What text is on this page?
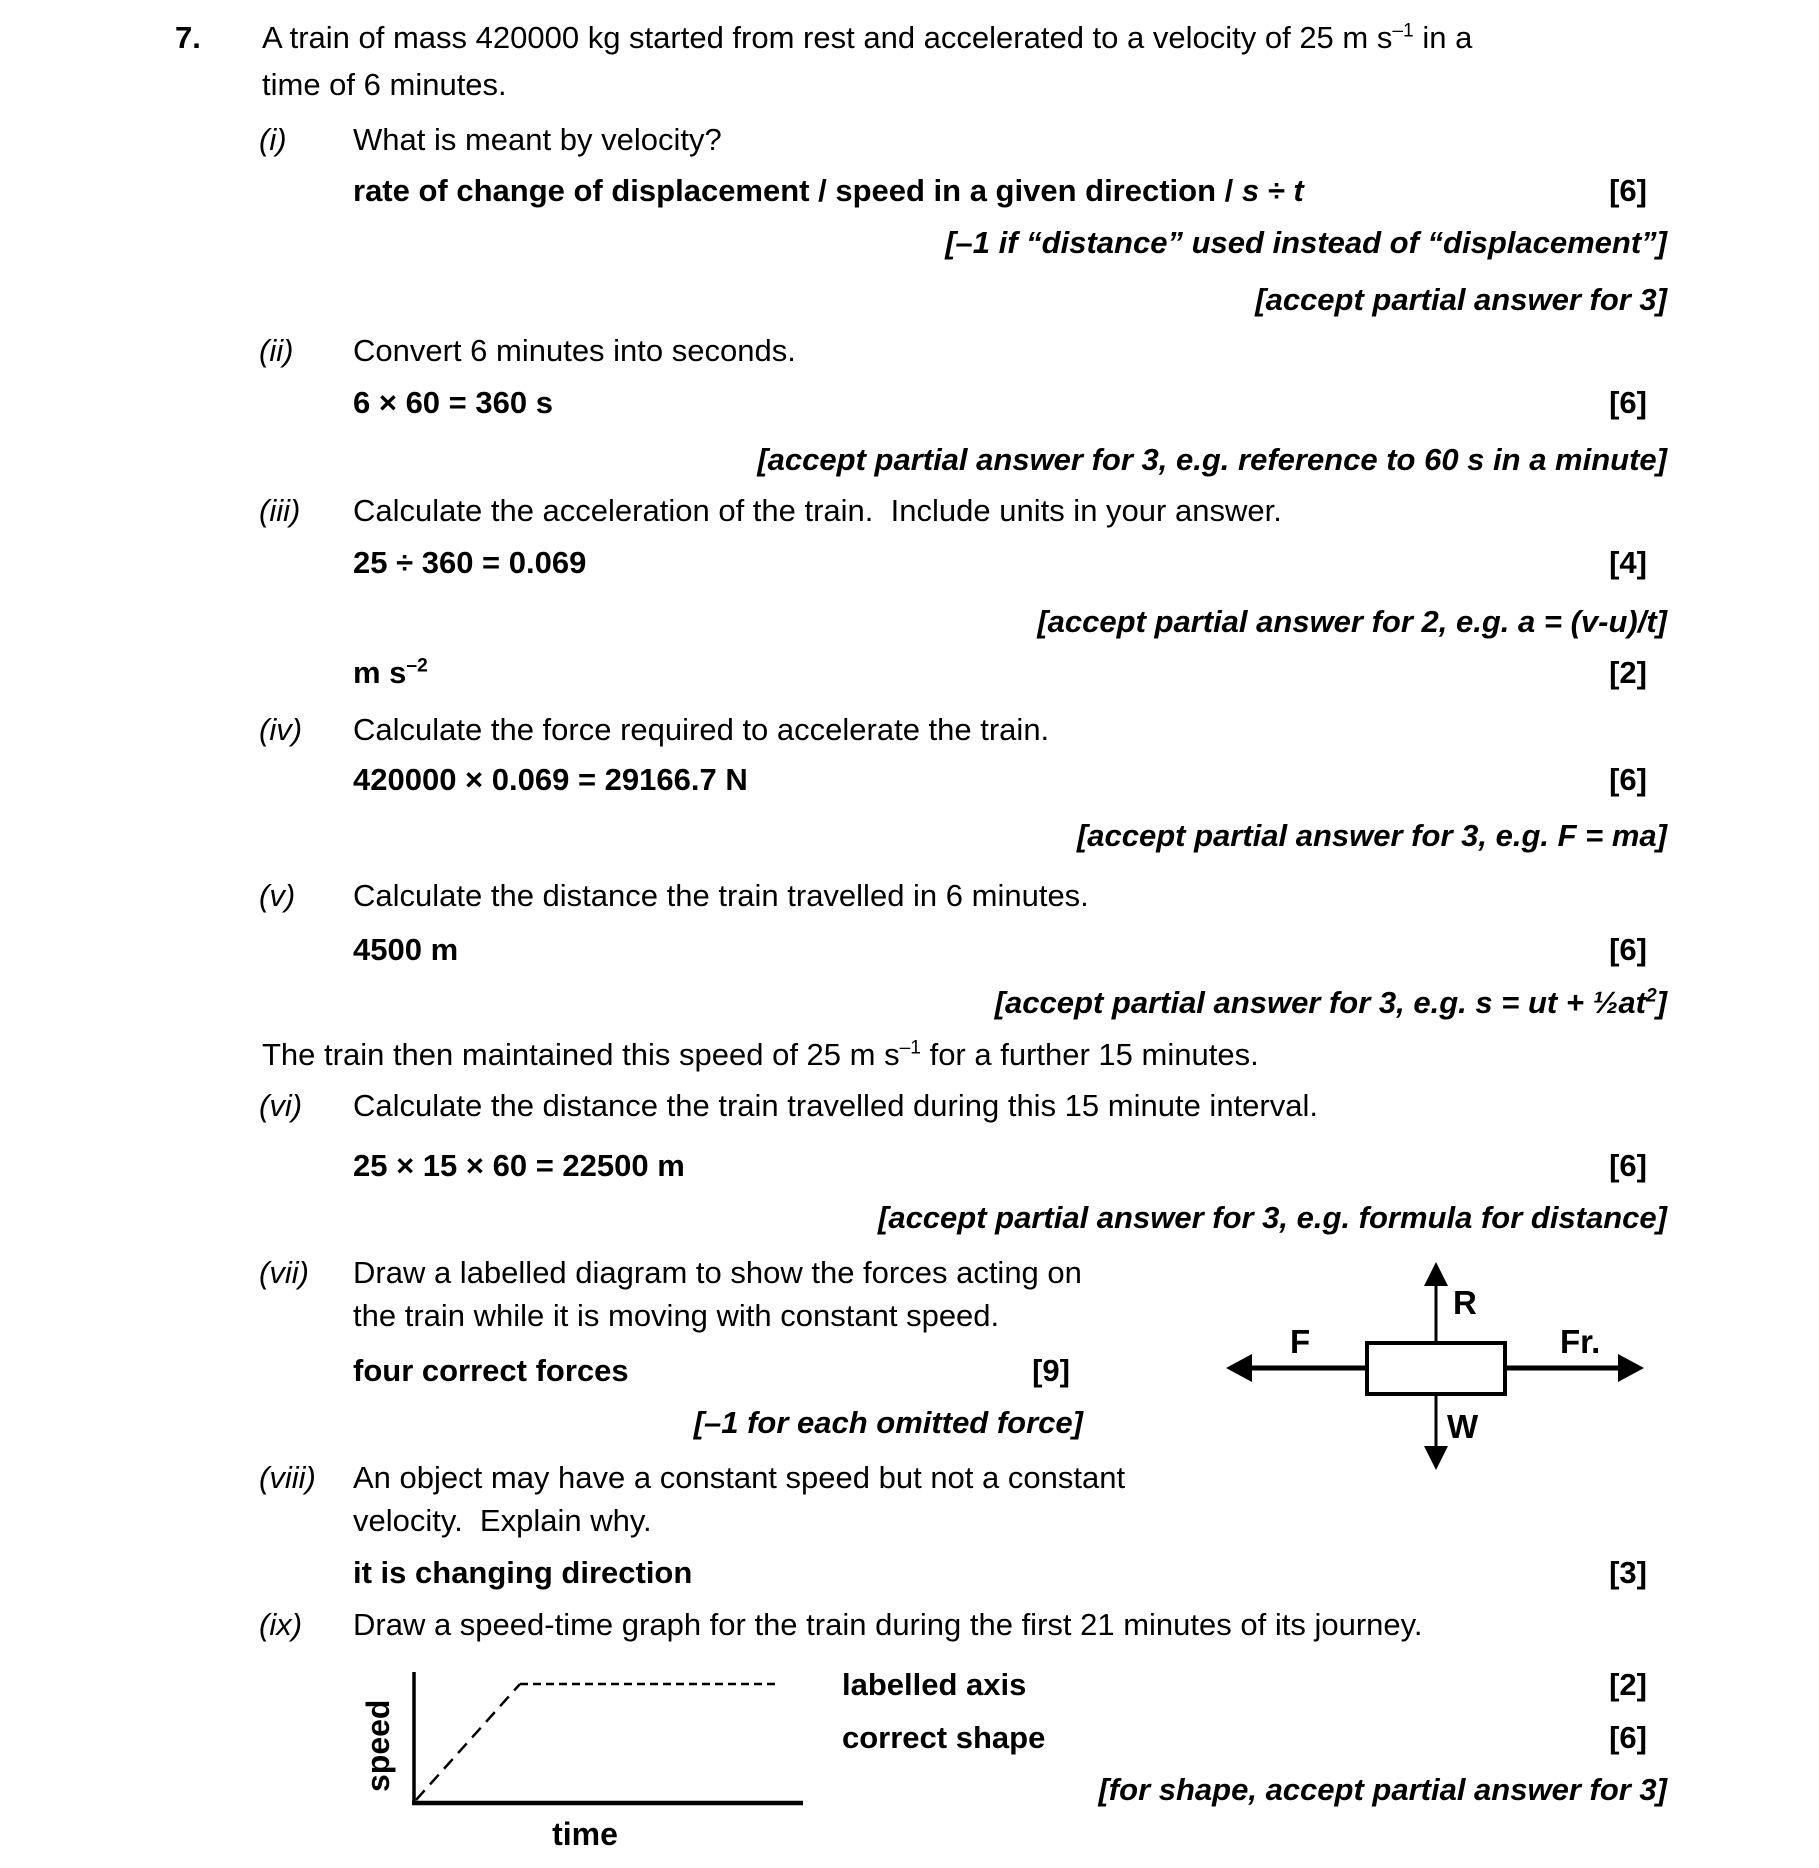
7. A train of mass 420000 kg started from rest and accelerated to a velocity of 25 m $s^{-1}$ in a
time of 6 minutes.
(i) What is meant by velocity?
rate of change of displacement / speed in a given direction / s ÷ t	[6]
[–1 if “distance” used instead of “displacement”]
[accept partial answer for 3]
(ii) Convert 6 minutes into seconds.
6 × 60 = 360 s	[6]
[accept partial answer for 3, e.g. reference to 60 s in a minute]
(iii) Calculate the acceleration of the train.  Include units in your answer.
25 ÷ 360 = 0.069	[4]
[accept partial answer for 2, e.g. a = (v-u)/t]
m $s^{-2}$	[2]
(iv) Calculate the force required to accelerate the train.
420000 × 0.069 = 29166.7 N	[6]
[accept partial answer for 3, e.g. F = ma]
(v) Calculate the distance the train travelled in 6 minutes.
4500 m	[6]
[accept partial answer for 3, e.g. s = ut + $\frac{1}{2}at^2$]
The train then maintained this speed of 25 m $s^{-1}$ for a further 15 minutes.
(vi) Calculate the distance the train travelled during this 15 minute interval.
25 × 15 × 60 = 22500 m	[6]
[accept partial answer for 3, e.g. formula for distance]
(vii) Draw a labelled diagram to show the forces acting on
the train while it is moving with constant speed.
four correct forces	[9]
[–1 for each omitted force]
R
F	Fr.
W
(viii) An object may have a constant speed but not a constant
velocity.  Explain why.
it is changing direction	[3]
(ix) Draw a speed-time graph for the train during the first 21 minutes of its journey.
labelled axis	[2]
correct shape	[6]
[for shape, accept partial answer for 3]
speed
time
